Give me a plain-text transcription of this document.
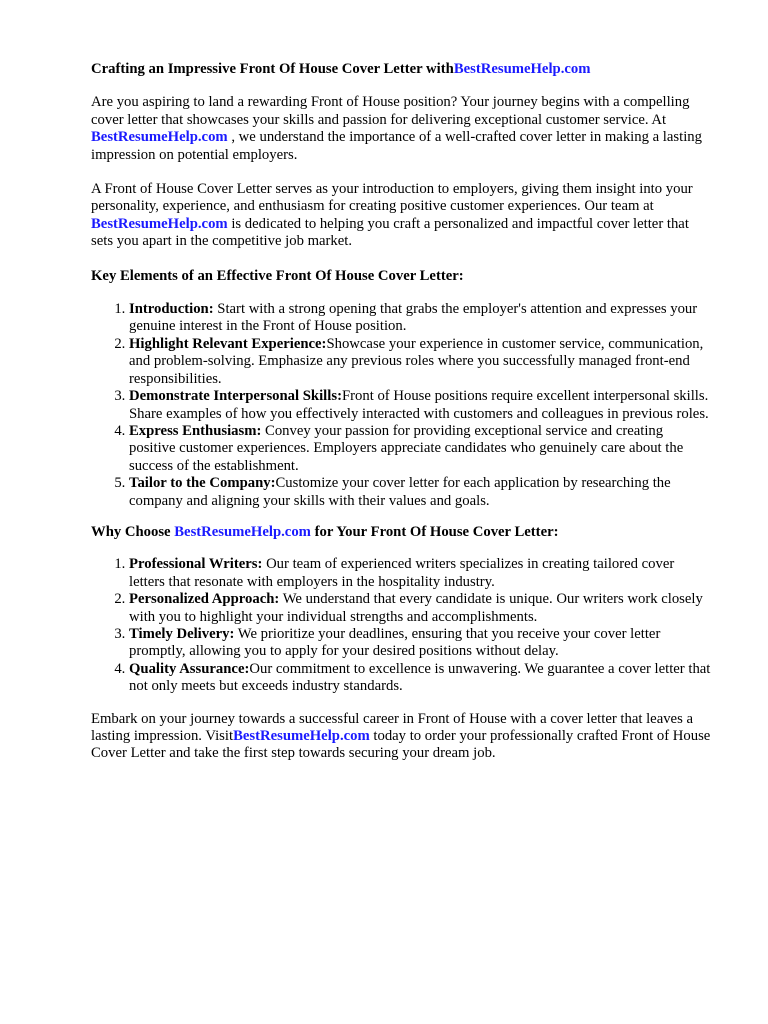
Crafting an Impressive Front Of House Cover Letter withBestResumeHelp.com

Are you aspiring to land a rewarding Front of House position? Your journey begins with a compelling cover letter that showcases your skills and passion for delivering exceptional customer service. At BestResumeHelp.com , we understand the importance of a well-crafted cover letter in making a lasting impression on potential employers.

A Front of House Cover Letter serves as your introduction to employers, giving them insight into your personality, experience, and enthusiasm for creating positive customer experiences. Our team at BestResumeHelp.com is dedicated to helping you craft a personalized and impactful cover letter that sets you apart in the competitive job market.

Key Elements of an Effective Front Of House Cover Letter:
1. Introduction: Start with a strong opening that grabs the employer's attention and expresses your genuine interest in the Front of House position.
2. Highlight Relevant Experience:Showcase your experience in customer service, communication, and problem-solving. Emphasize any previous roles where you successfully managed front-end responsibilities.
3. Demonstrate Interpersonal Skills:Front of House positions require excellent interpersonal skills. Share examples of how you effectively interacted with customers and colleagues in previous roles.
4. Express Enthusiasm: Convey your passion for providing exceptional service and creating positive customer experiences. Employers appreciate candidates who genuinely care about the success of the establishment.
5. Tailor to the Company:Customize your cover letter for each application by researching the company and aligning your skills with their values and goals.
Why Choose BestResumeHelp.com for Your Front Of House Cover Letter:
1. Professional Writers: Our team of experienced writers specializes in creating tailored cover letters that resonate with employers in the hospitality industry.
2. Personalized Approach: We understand that every candidate is unique. Our writers work closely with you to highlight your individual strengths and accomplishments.
3. Timely Delivery: We prioritize your deadlines, ensuring that you receive your cover letter promptly, allowing you to apply for your desired positions without delay.
4. Quality Assurance:Our commitment to excellence is unwavering. We guarantee a cover letter that not only meets but exceeds industry standards.

Embark on your journey towards a successful career in Front of House with a cover letter that leaves a lasting impression. VisitBestResumeHelp.com today to order your professionally crafted Front of House Cover Letter and take the first step towards securing your dream job.
